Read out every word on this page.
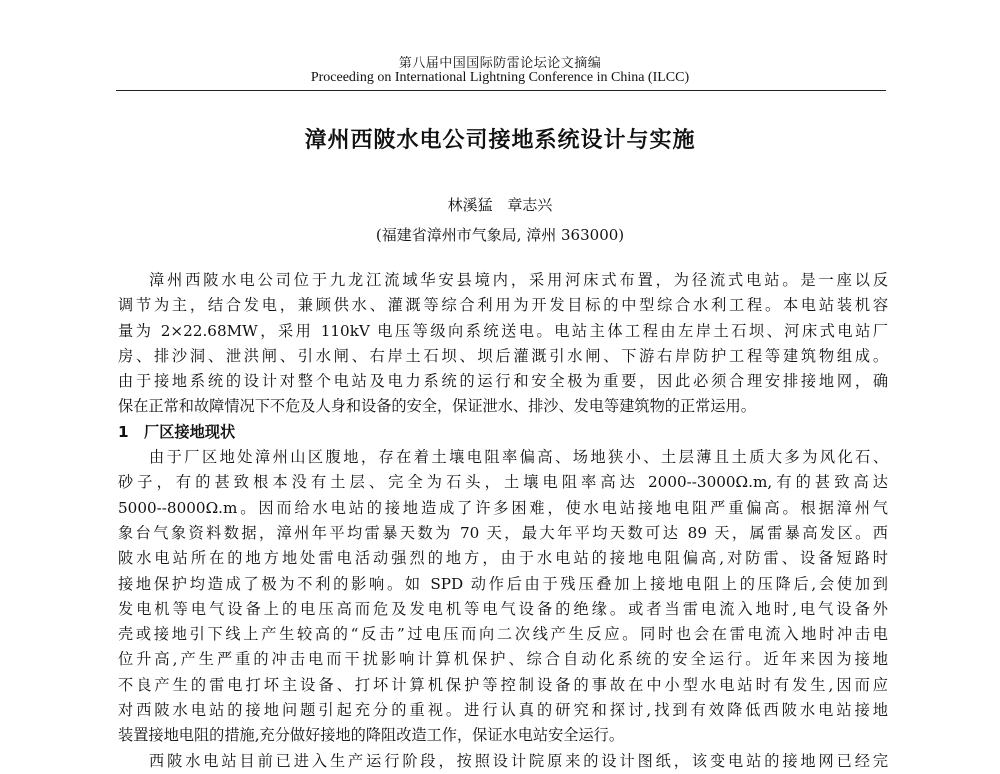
第八届中国国际防雷论坛论文摘编
Proceeding on International Lightning Conference in China (ILCC)
漳州西陂水电公司接地系统设计与实施
林溪猛 章志兴
(福建省漳州市气象局, 漳州 363000)
漳州西陂水电公司位于九龙江流域华安县境内，采用河床式布置，为径流式电站。是一座以反
调节为主，结合发电，兼顾供水、灌溉等综合利用为开发目标的中型综合水利工程。本电站装机容
量为 2×22.68MW，采用 110kV 电压等级向系统送电。电站主体工程由左岸土石坝、河床式电站厂
房、排沙洞、泄洪闸、引水闸、右岸土石坝、坝后灌溉引水闸、下游右岸防护工程等建筑物组成。
由于接地系统的设计对整个电站及电力系统的运行和安全极为重要，因此必须合理安排接地网，确
保在正常和故障情况下不危及人身和设备的安全，保证泄水、排沙、发电等建筑物的正常运用。
1 厂区接地现状
由于厂区地处漳州山区腹地，存在着土壤电阻率偏高、场地狭小、土层薄且土质大多为风化石、
砂子，有的甚致根本没有土层、完全为石头，土壤电阻率高达 2000--3000Ω.m,有的甚致高达
5000--8000Ω.m。因而给水电站的接地造成了许多困难，使水电站接地电阻严重偏高。根据漳州气
象台气象资料数据，漳州年平均雷暴天数为 70 天，最大年平均天数可达 89 天，属雷暴高发区。西
陂水电站所在的地方地处雷电活动强烈的地方，由于水电站的接地电阻偏高,对防雷、设备短路时
接地保护均造成了极为不利的影响。如 SPD 动作后由于残压叠加上接地电阻上的压降后,会使加到
发电机等电气设备上的电压高而危及发电机等电气设备的绝缘。或者当雷电流入地时,电气设备外
壳或接地引下线上产生较高的“反击”过电压而向二次线产生反应。同时也会在雷电流入地时冲击电
位升高,产生严重的冲击电而干扰影响计算机保护、综合自动化系统的安全运行。近年来因为接地
不良产生的雷电打坏主设备、打坏计算机保护等控制设备的事故在中小型水电站时有发生,因而应
对西陂水电站的接地问题引起充分的重视。进行认真的研究和探讨,找到有效降低西陂水电站接地
装置接地电阻的措施,充分做好接地的降阻改造工作，保证水电站安全运行。
西陂水电站目前已进入生产运行阶段，按照设计院原来的设计图纸，该变电站的接地网已经完
